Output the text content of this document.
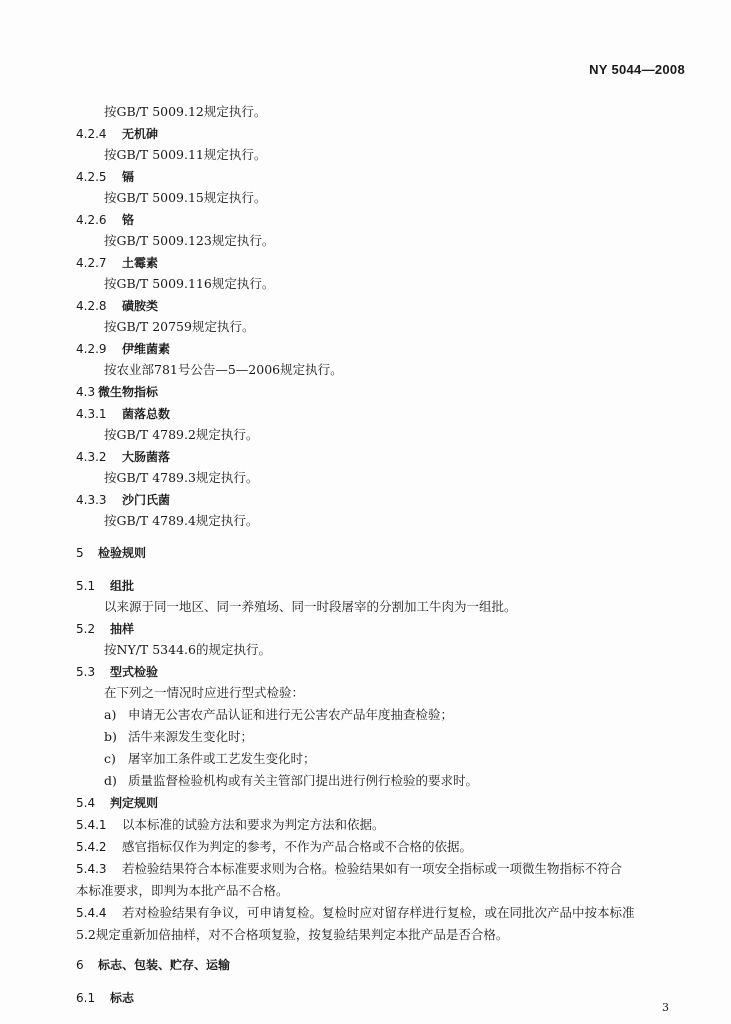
NY 5044—2008
按GB/T 5009.12规定执行。
4.2.4 无机砷
按GB/T 5009.11规定执行。
4.2.5 镉
按GB/T 5009.15规定执行。
4.2.6 铬
按GB/T 5009.123规定执行。
4.2.7 土霉素
按GB/T 5009.116规定执行。
4.2.8 磺胺类
按GB/T 20759规定执行。
4.2.9 伊维菌素
按农业部781号公告—5—2006规定执行。
4.3 微生物指标
4.3.1 菌落总数
按GB/T 4789.2规定执行。
4.3.2 大肠菌落
按GB/T 4789.3规定执行。
4.3.3 沙门氏菌
按GB/T 4789.4规定执行。
5 检验规则
5.1 组批
以来源于同一地区、同一养殖场、同一时段屠宰的分割加工牛肉为一组批。
5.2 抽样
按NY/T 5344.6的规定执行。
5.3 型式检验
在下列之一情况时应进行型式检验：
a) 申请无公害农产品认证和进行无公害农产品年度抽查检验；
b) 活牛来源发生变化时；
c) 屠宰加工条件或工艺发生变化时；
d) 质量监督检验机构或有关主管部门提出进行例行检验的要求时。
5.4 判定规则
5.4.1 以本标准的试验方法和要求为判定方法和依据。
5.4.2 感官指标仅作为判定的参考，不作为产品合格或不合格的依据。
5.4.3 若检验结果符合本标准要求则为合格。检验结果如有一项安全指标或一项微生物指标不符合
本标准要求，即判为本批产品不合格。
5.4.4 若对检验结果有争议，可申请复检。复检时应对留存样进行复检，或在同批次产品中按本标准
5.2规定重新加倍抽样，对不合格项复验，按复验结果判定本批产品是否合格。
6 标志、包装、贮存、运输
6.1 标志
3
